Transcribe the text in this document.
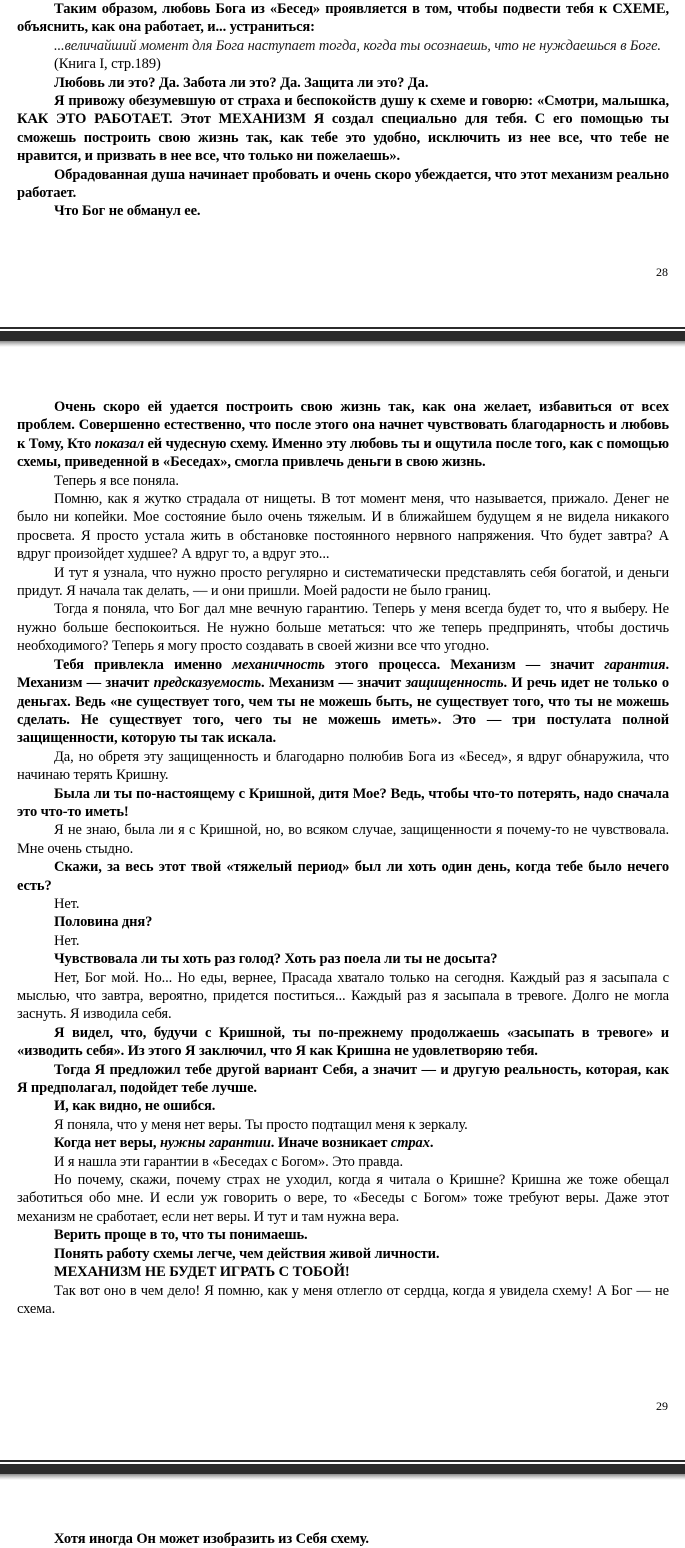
Таким образом, любовь Бога из «Бесед» проявляется в том, чтобы подвести тебя к СХЕМЕ, объяснить, как она работает, и... устраниться:

...величайший момент для Бога наступает тогда, когда ты осознаешь, что не нуждаешься в Боге.

(Книга I, стр.189)

Любовь ли это? Да. Забота ли это? Да. Защита ли это? Да.

Я привожу обезумевшую от страха и беспокойств душу к схеме и говорю: «Смотри, малышка, КАК ЭТО РАБОТАЕТ. Этот МЕХАНИЗМ Я создал специально для тебя. С его помощью ты сможешь построить свою жизнь так, как тебе это удобно, исключить из нее все, что тебе не нравится, и призвать в нее все, что только ни пожелаешь».

Обрадованная душа начинает пробовать и очень скоро убеждается, что этот механизм реально работает.

Что Бог не обманул ее.

28

Очень скоро ей удается построить свою жизнь так, как она желает, избавиться от всех проблем. Совершенно естественно, что после этого она начнет чувствовать благодарность и любовь к Тому, Кто показал ей чудесную схему. Именно эту любовь ты и ощутила после того, как с помощью схемы, приведенной в «Беседах», смогла привлечь деньги в свою жизнь.

Теперь я все поняла.

Помню, как я жутко страдала от нищеты. В тот момент меня, что называется, прижало. Денег не было ни копейки. Мое состояние было очень тяжелым. И в ближайшем будущем я не видела никакого просвета. Я просто устала жить в обстановке постоянного нервного напряжения. Что будет завтра? А вдруг произойдет худшее? А вдруг то, а вдруг это...

И тут я узнала, что нужно просто регулярно и систематически представлять себя богатой, и деньги придут. Я начала так делать, — и они пришли. Моей радости не было границ.

Тогда я поняла, что Бог дал мне вечную гарантию. Теперь у меня всегда будет то, что я выберу. Не нужно больше беспокоиться. Не нужно больше метаться: что же теперь предпринять, чтобы достичь необходимого? Теперь я могу просто создавать в своей жизни все что угодно.

Тебя привлекла именно механичность этого процесса. Механизм — значит гарантия. Механизм — значит предсказуемость. Механизм — значит защищенность. И речь идет не только о деньгах. Ведь «не существует того, чем ты не можешь быть, не существует того, что ты не можешь сделать. Не существует того, чего ты не можешь иметь». Это — три постулата полной защищенности, которую ты так искала.

Да, но обретя эту защищенность и благодарно полюбив Бога из «Бесед», я вдруг обнаружила, что начинаю терять Кришну.

Была ли ты по-настоящему с Кришной, дитя Мое? Ведь, чтобы что-то потерять, надо сначала это что-то иметь!

Я не знаю, была ли я с Кришной, но, во всяком случае, защищенности я почему-то не чувствовала. Мне очень стыдно.

Скажи, за весь этот твой «тяжелый период» был ли хоть один день, когда тебе было нечего есть?

Нет.

Половина дня?

Нет.

Чувствовала ли ты хоть раз голод? Хоть раз поела ли ты не досыта?

Нет, Бог мой. Но... Но еды, вернее, Прасада хватало только на сегодня. Каждый раз я засыпала с мыслью, что завтра, вероятно, придется поститься... Каждый раз я засыпала в тревоге. Долго не могла заснуть. Я изводила себя.

Я видел, что, будучи с Кришной, ты по-прежнему продолжаешь «засыпать в тревоге» и «изводить себя». Из этого Я заключил, что Я как Кришна не удовлетворяю тебя.

Тогда Я предложил тебе другой вариант Себя, а значит — и другую реальность, которая, как Я предполагал, подойдет тебе лучше.

И, как видно, не ошибся.

Я поняла, что у меня нет веры. Ты просто подтащил меня к зеркалу.

Когда нет веры, нужны гарантии. Иначе возникает страх.

И я нашла эти гарантии в «Беседах с Богом». Это правда.

Но почему, скажи, почему страх не уходил, когда я читала о Кришне? Кришна же тоже обещал заботиться обо мне. И если уж говорить о вере, то «Беседы с Богом» тоже требуют веры. Даже этот механизм не сработает, если нет веры. И тут и там нужна вера.

Верить проще в то, что ты понимаешь.

Понять работу схемы легче, чем действия живой личности.

МЕХАНИЗМ НЕ БУДЕТ ИГРАТЬ С ТОБОЙ!

Так вот оно в чем дело! Я помню, как у меня отлегло от сердца, когда я увидела схему! А Бог — не схема.

29

Хотя иногда Он может изобразить из Себя схему.
